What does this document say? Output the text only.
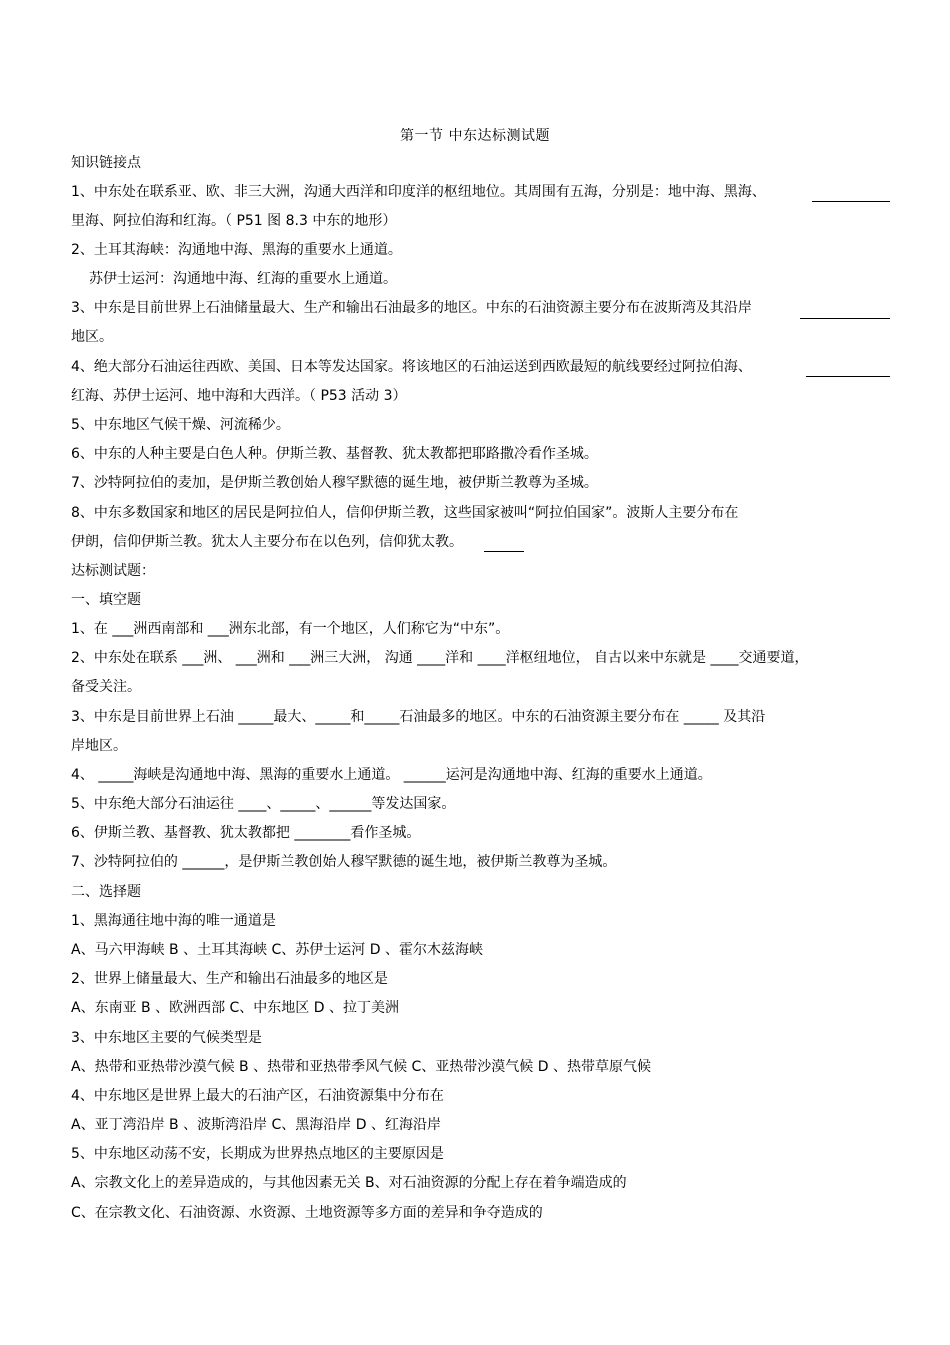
第一节 中东达标测试题
知识链接点
1、中东处在联系亚、欧、非三大洲，沟通大西洋和印度洋的枢纽地位。其周围有五海，分别是：地中海、黑海、
里海、阿拉伯海和红海。（ P51 图 8.3 中东的地形）
2、土耳其海峡：沟通地中海、黑海的重要水上通道。
苏伊士运河：沟通地中海、红海的重要水上通道。
3、中东是目前世界上石油储量最大、生产和输出石油最多的地区。中东的石油资源主要分布在波斯湾及其沿岸
地区。
4、绝大部分石油运往西欧、美国、日本等发达国家。将该地区的石油运送到西欧最短的航线要经过阿拉伯海、
红海、苏伊士运河、地中海和大西洋。（ P53 活动 3）
5、中东地区气候干燥、河流稀少。
6、中东的人种主要是白色人种。伊斯兰教、基督教、犹太教都把耶路撒冷看作圣城。
7、沙特阿拉伯的麦加，是伊斯兰教创始人穆罕默德的诞生地，被伊斯兰教尊为圣城。
8、中东多数国家和地区的居民是阿拉伯人，信仰伊斯兰教，这些国家被叫“阿拉伯国家”。波斯人主要分布在
伊朗，信仰伊斯兰教。犹太人主要分布在以色列，信仰犹太教。
达标测试题：
一、填空题
1、在 ___洲西南部和 ___洲东北部，有一个地区，人们称它为“中东”。
2、中东处在联系 ___洲、 ___洲和 ___洲三大洲， 沟通 ____洋和 ____洋枢纽地位， 自古以来中东就是 ____交通要道，
备受关注。
3、中东是目前世界上石油 _____最大、_____和_____石油最多的地区。中东的石油资源主要分布在 _____ 及其沿
岸地区。
4、 _____海峡是沟通地中海、黑海的重要水上通道。 ______运河是沟通地中海、红海的重要水上通道。
5、中东绝大部分石油运往 ____、_____、______等发达国家。
6、伊斯兰教、基督教、犹太教都把 ________看作圣城。
7、沙特阿拉伯的 ______，是伊斯兰教创始人穆罕默德的诞生地，被伊斯兰教尊为圣城。
二、选择题
1、黑海通往地中海的唯一通道是
A、马六甲海峡 B 、土耳其海峡 C、苏伊士运河 D 、霍尔木兹海峡
2、世界上储量最大、生产和输出石油最多的地区是
A、东南亚 B 、欧洲西部 C、中东地区 D 、拉丁美洲
3、中东地区主要的气候类型是
A、热带和亚热带沙漠气候 B 、热带和亚热带季风气候 C、亚热带沙漠气候 D 、热带草原气候
4、中东地区是世界上最大的石油产区，石油资源集中分布在
A、亚丁湾沿岸 B 、波斯湾沿岸 C、黑海沿岸 D 、红海沿岸
5、中东地区动荡不安，长期成为世界热点地区的主要原因是
A、宗教文化上的差异造成的，与其他因素无关 B、对石油资源的分配上存在着争端造成的
C、在宗教文化、石油资源、水资源、土地资源等多方面的差异和争夺造成的
